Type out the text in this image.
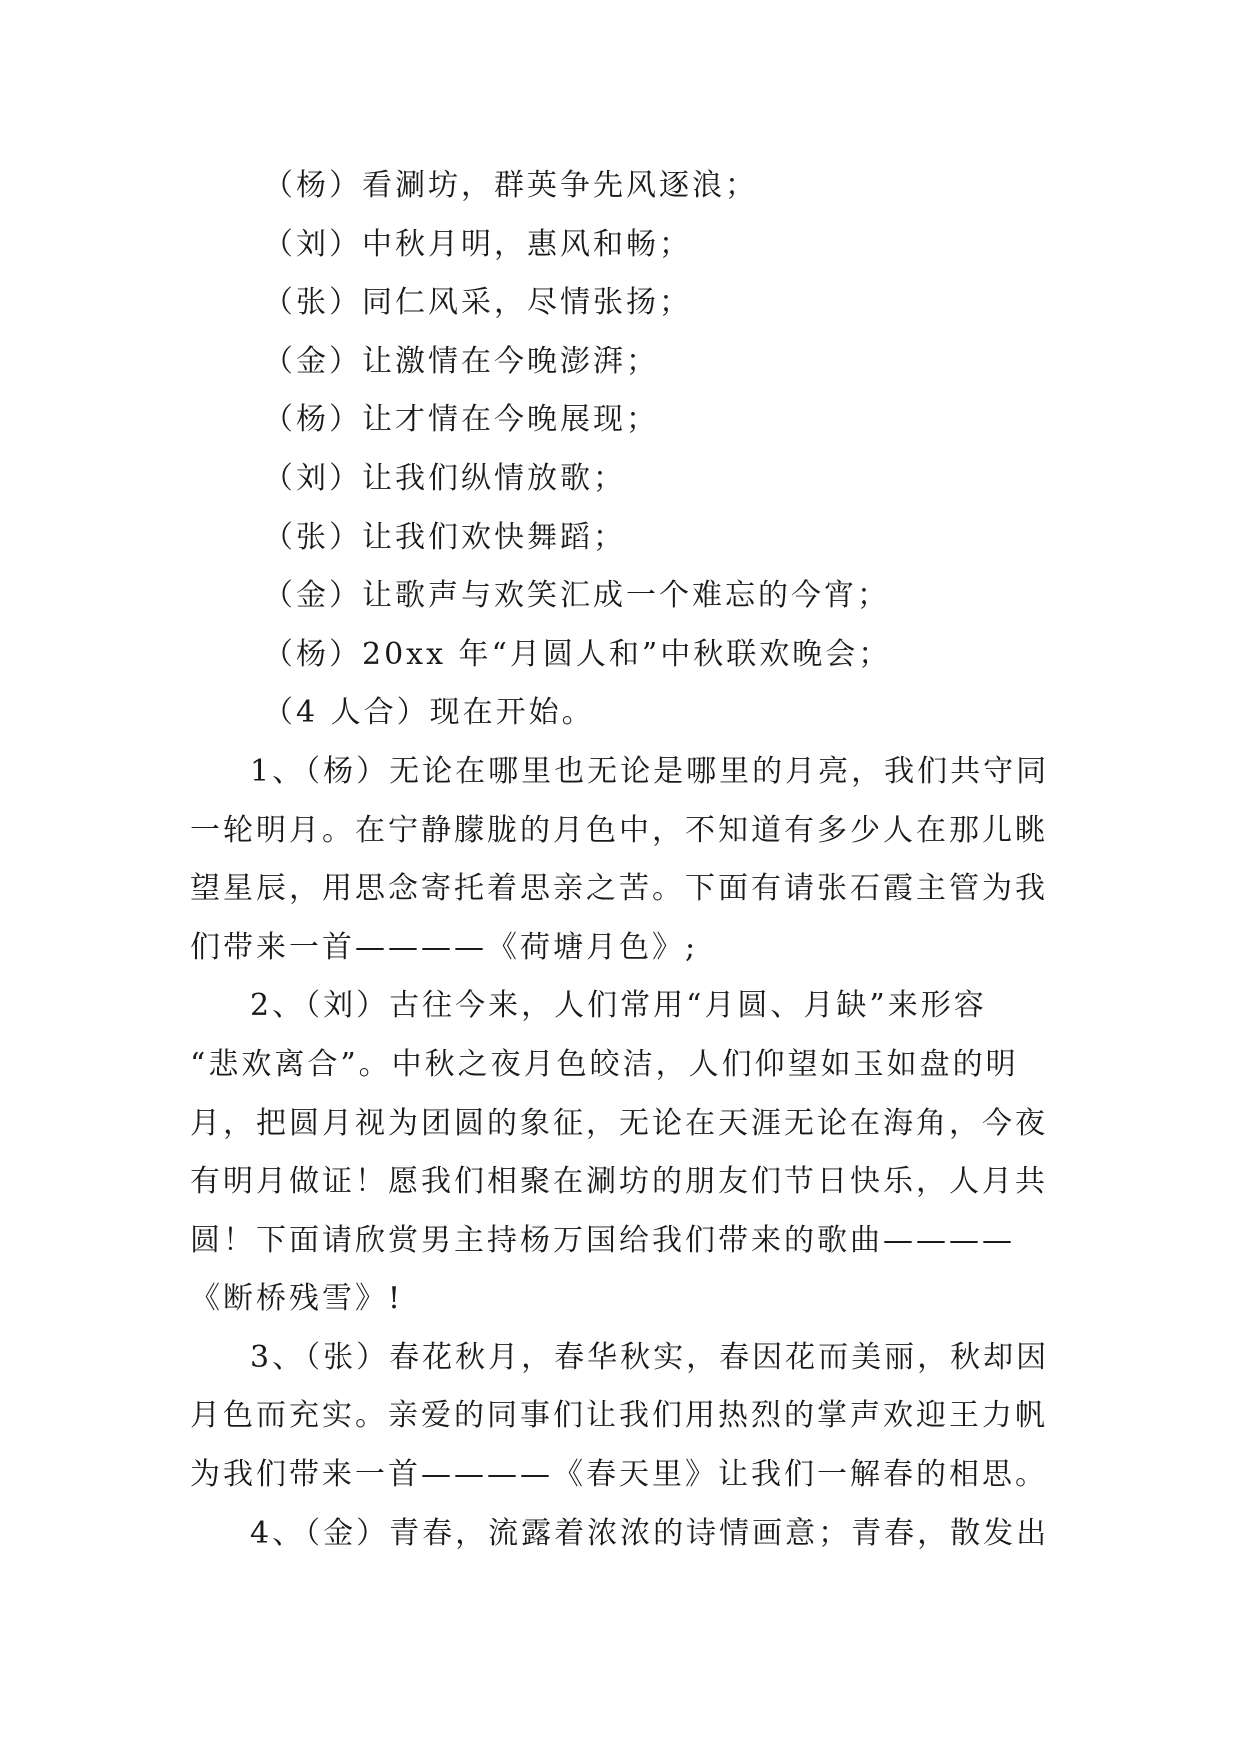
（杨）看涮坊，群英争先风逐浪；
（刘）中秋月明，惠风和畅；
（张）同仁风采，尽情张扬；
（金）让激情在今晚澎湃；
（杨）让才情在今晚展现；
（刘）让我们纵情放歌；
（张）让我们欢快舞蹈；
（金）让歌声与欢笑汇成一个难忘的今宵；
（杨）20xx 年“月圆人和”中秋联欢晚会；
（4 人合）现在开始。
1、（杨）无论在哪里也无论是哪里的月亮，我们共守同
一轮明月。在宁静朦胧的月色中，不知道有多少人在那儿眺
望星辰，用思念寄托着思亲之苦。下面有请张石霞主管为我
们带来一首————《荷塘月色》;
2、（刘）古往今来，人们常用“月圆、月缺”来形容
“悲欢离合”。中秋之夜月色皎洁，人们仰望如玉如盘的明
月，把圆月视为团圆的象征，无论在天涯无论在海角，今夜
有明月做证！愿我们相聚在涮坊的朋友们节日快乐，人月共
圆！下面请欣赏男主持杨万国给我们带来的歌曲————
《断桥残雪》!
3、（张）春花秋月，春华秋实，春因花而美丽，秋却因
月色而充实。亲爱的同事们让我们用热烈的掌声欢迎王力帆
为我们带来一首————《春天里》让我们一解春的相思。
4、（金）青春，流露着浓浓的诗情画意；青春，散发出
